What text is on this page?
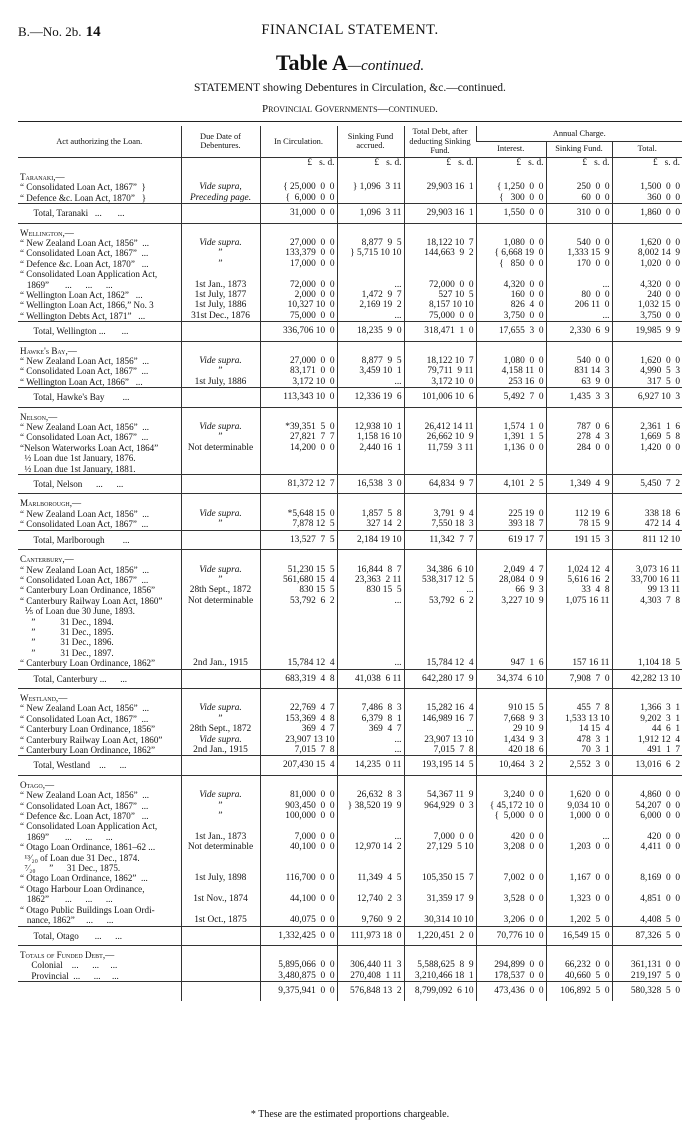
B.—No. 2b. 14	FINANCIAL STATEMENT.
Table A—continued.
STATEMENT showing Debentures in Circulation, &c.—continued.
Provincial Governments—continued.
Act authorizing the Loan.	Due Date of Debentures.	In Circulation.	Sinking Fund accrued.	Total Debt, after deducting Sinking Fund.	Annual Charge.		
					Interest.	Sinking Fund.	Total.
		£   s. d.	£   s. d.	£   s. d.	£   s. d.	£   s. d.	£   s. d.

Taranaki,—							
“ Consolidated Loan Act, 1867”  }	Vide supra,	{ 25,000  0  0	} 1,096  3 11	29,903 16  1	{ 1,250  0  0	250  0  0	1,500  0  0
“ Defence &c. Loan Act, 1870”   }	Preceding page.	{  6,000  0  0			{   300  0  0	60  0  0	360  0  0
Total, Taranaki   ...       ...		31,000  0  0	1,096  3 11	29,903 16  1	1,550  0  0	310  0  0	1,860  0  0

Wellington,—							
“ New Zealand Loan Act, 1856”  ...	Vide supra.	27,000  0  0	8,877  9  5	18,122 10  7	1,080  0  0	540  0  0	1,620  0  0
“ Consolidated Loan Act, 1867”  ...	”	133,379  0  0	} 5,715 10 10	144,663  9  2	{ 6,668 19  0	1,333 15  9	8,002 14  9
“ Defence &c. Loan Act, 1870”   ...	”	17,000  0  0			{   850  0  0	170  0  0	1,020  0  0
“ Consolidated Loan Application Act,							
1869”       ...      ...      ...	1st Jan., 1873	72,000  0  0	...	72,000  0  0	4,320  0  0	...	4,320  0  0
“ Wellington Loan Act, 1862”   ...	1st July, 1877	2,000  0  0	1,472  9  7	527 10  5	160  0  0	80  0  0	240  0  0
“ Wellington Loan Act, 1866,” No. 3	1st July, 1886	10,327 10  0	2,169 19  2	8,157 10 10	826  4  0	206 11  0	1,032 15  0
“ Wellington Debts Act, 1871”   ...	31st Dec., 1876	75,000  0  0	...	75,000  0  0	3,750  0  0	...	3,750  0  0
Total, Wellington ...       ...		336,706 10  0	18,235  9  0	318,471  1  0	17,655  3  0	2,330  6  9	19,985  9  9

Hawke's Bay,—							
“ New Zealand Loan Act, 1856”  ...	Vide supra.	27,000  0  0	8,877  9  5	18,122 10  7	1,080  0  0	540  0  0	1,620  0  0
“ Consolidated Loan Act, 1867”  ...	”	83,171  0  0	3,459 10  1	79,711  9 11	4,158 11  0	831 14  3	4,990  5  3
“ Wellington Loan Act, 1866”   ...	1st July, 1886	3,172 10  0	...	3,172 10  0	253 16  0	63  9  0	317  5  0
Total, Hawke's Bay        ...		113,343 10  0	12,336 19  6	101,006 10  6	5,492  7  0	1,435  3  3	6,927 10  3

Nelson,—							
“ New Zealand Loan Act, 1856”  ...	Vide supra.	*39,351  5  0	12,938 10  1	26,412 14 11	1,574  1  0	787  0  6	2,361  1  6
“ Consolidated Loan Act, 1867”  ...	”	27,821  7  7	1,158 16 10	26,662 10  9	1,391  1  5	278  4  3	1,669  5  8
“Nelson Waterworks Loan Act, 1864”	Not determinable	14,200  0  0	2,440 16  1	11,759  3 11	1,136  0  0	284  0  0	1,420  0  0
½ Loan due 1st January, 1876.							
½ Loan due 1st January, 1881.							
Total, Nelson      ...      ...		81,372 12  7	16,538  3  0	64,834  9  7	4,101  2  5	1,349  4  9	5,450  7  2

Marlborough,—							
“ New Zealand Loan Act, 1856”  ...	Vide supra.	*5,648 15  0	1,857  5  8	3,791  9  4	225 19  0	112 19  6	338 18  6
“ Consolidated Loan Act, 1867”  ...	”	7,878 12  5	327 14  2	7,550 18  3	393 18  7	78 15  9	472 14  4
Total, Marlborough        ...		13,527  7  5	2,184 19 10	11,342  7  7	619 17  7	191 15  3	811 12 10

Canterbury,—							
“ New Zealand Loan Act, 1856”  ...	Vide supra.	51,230 15  5	16,844  8  7	34,386  6 10	2,049  4  7	1,024 12  4	3,073 16 11
“ Consolidated Loan Act, 1867”  ...	”	561,680 15  4	23,363  2 11	538,317 12  5	28,084  0  9	5,616 16  2	33,700 16 11
“ Canterbury Loan Ordinance, 1856”	28th Sept., 1872	830 15  5	830 15  5	...	66  9  3	33  4  8	99 13 11
“ Canterbury Railway Loan Act, 1860”	Not determinable	53,792  6  2	...	53,792  6  2	3,227 10  9	1,075 16 11	4,303  7  8
⅕ of Loan due 30 June, 1893.							
”           31 Dec., 1894.							
”           31 Dec., 1895.							
”           31 Dec., 1896.							
”           31 Dec., 1897.							
“ Canterbury Loan Ordinance, 1862”	2nd Jan., 1915	15,784 12  4	...	15,784 12  4	947  1  6	157 16 11	1,104 18  5
Total, Canterbury ...      ...		683,319  4  8	41,038  6 11	642,280 17  9	34,374  6 10	7,908  7  0	42,282 13 10

Westland,—							
“ New Zealand Loan Act, 1856”  ...	Vide supra.	22,769  4  7	7,486  8  3	15,282 16  4	910 15  5	455  7  8	1,366  3  1
“ Consolidated Loan Act, 1867”  ...	”	153,369  4  8	6,379  8  1	146,989 16  7	7,668  9  3	1,533 13 10	9,202  3  1
“ Canterbury Loan Ordinance, 1856”	28th Sept., 1872	369  4  7	369  4  7	...	29 10  9	14 15  4	44  6  1
“ Canterbury Railway Loan Act, 1860”	Vide supra.	23,907 13 10	...	23,907 13 10	1,434  9  3	478  3  1	1,912 12  4
“ Canterbury Loan Ordinance, 1862”	2nd Jan., 1915	7,015  7  8	...	7,015  7  8	420 18  6	70  3  1	491  1  7
Total, Westland    ...      ...		207,430 15  4	14,235  0 11	193,195 14  5	10,464  3  2	2,552  3  0	13,016  6  2

Otago,—							
“ New Zealand Loan Act, 1856”  ...	Vide supra.	81,000  0  0	26,632  8  3	54,367 11  9	3,240  0  0	1,620  0  0	4,860  0  0
“ Consolidated Loan Act, 1867”  ...	”	903,450  0  0	} 38,520 19  9	964,929  0  3	{ 45,172 10  0	9,034 10  0	54,207  0  0
“ Defence &c. Loan Act, 1870”   ...	”	100,000  0  0			{  5,000  0  0	1,000  0  0	6,000  0  0
“ Consolidated Loan Application Act,							
1869”       ...      ...      ...	1st Jan., 1873	7,000  0  0	...	7,000  0  0	420  0  0	...	420  0  0
“ Otago Loan Ordinance, 1861–62 ...	Not determinable	40,100  0  0	12,970 14  2	27,129  5 10	3,208  0  0	1,203  0  0	4,411  0  0
¹³⁄₂₀ of Loan due 31 Dec., 1874.							
⁷⁄₂₀      ”      31 Dec., 1875.							
“ Otago Loan Ordinance, 1862”  ...	1st July, 1898	116,700  0  0	11,349  4  5	105,350 15  7	7,002  0  0	1,167  0  0	8,169  0  0
“ Otago Harbour Loan Ordinance,							
1862”       ...      ...      ...	1st Nov., 1874	44,100  0  0	12,740  2  3	31,359 17  9	3,528  0  0	1,323  0  0	4,851  0  0
“ Otago Public Buildings Loan Ordi-							
nance, 1862”     ...      ...	1st Oct., 1875	40,075  0  0	9,760  9  2	30,314 10 10	3,206  0  0	1,202  5  0	4,408  5  0
Total, Otago       ...      ...		1,332,425  0  0	111,973 18  0	1,220,451  2  0	70,776 10  0	16,549 15  0	87,326  5  0

Totals of Funded Debt,—							
Colonial    ...      ...     ...		5,895,066  0  0	306,440 11  3	5,588,625  8  9	294,899  0  0	66,232  0  0	361,131  0  0
Provincial  ...      ...     ...		3,480,875  0  0	270,408  1 11	3,210,466 18  1	178,537  0  0	40,660  5  0	219,197  5  0
		9,375,941  0  0	576,848 13  2	8,799,092  6 10	473,436  0  0	106,892  5  0	580,328  5  0
* These are the estimated proportions chargeable.
